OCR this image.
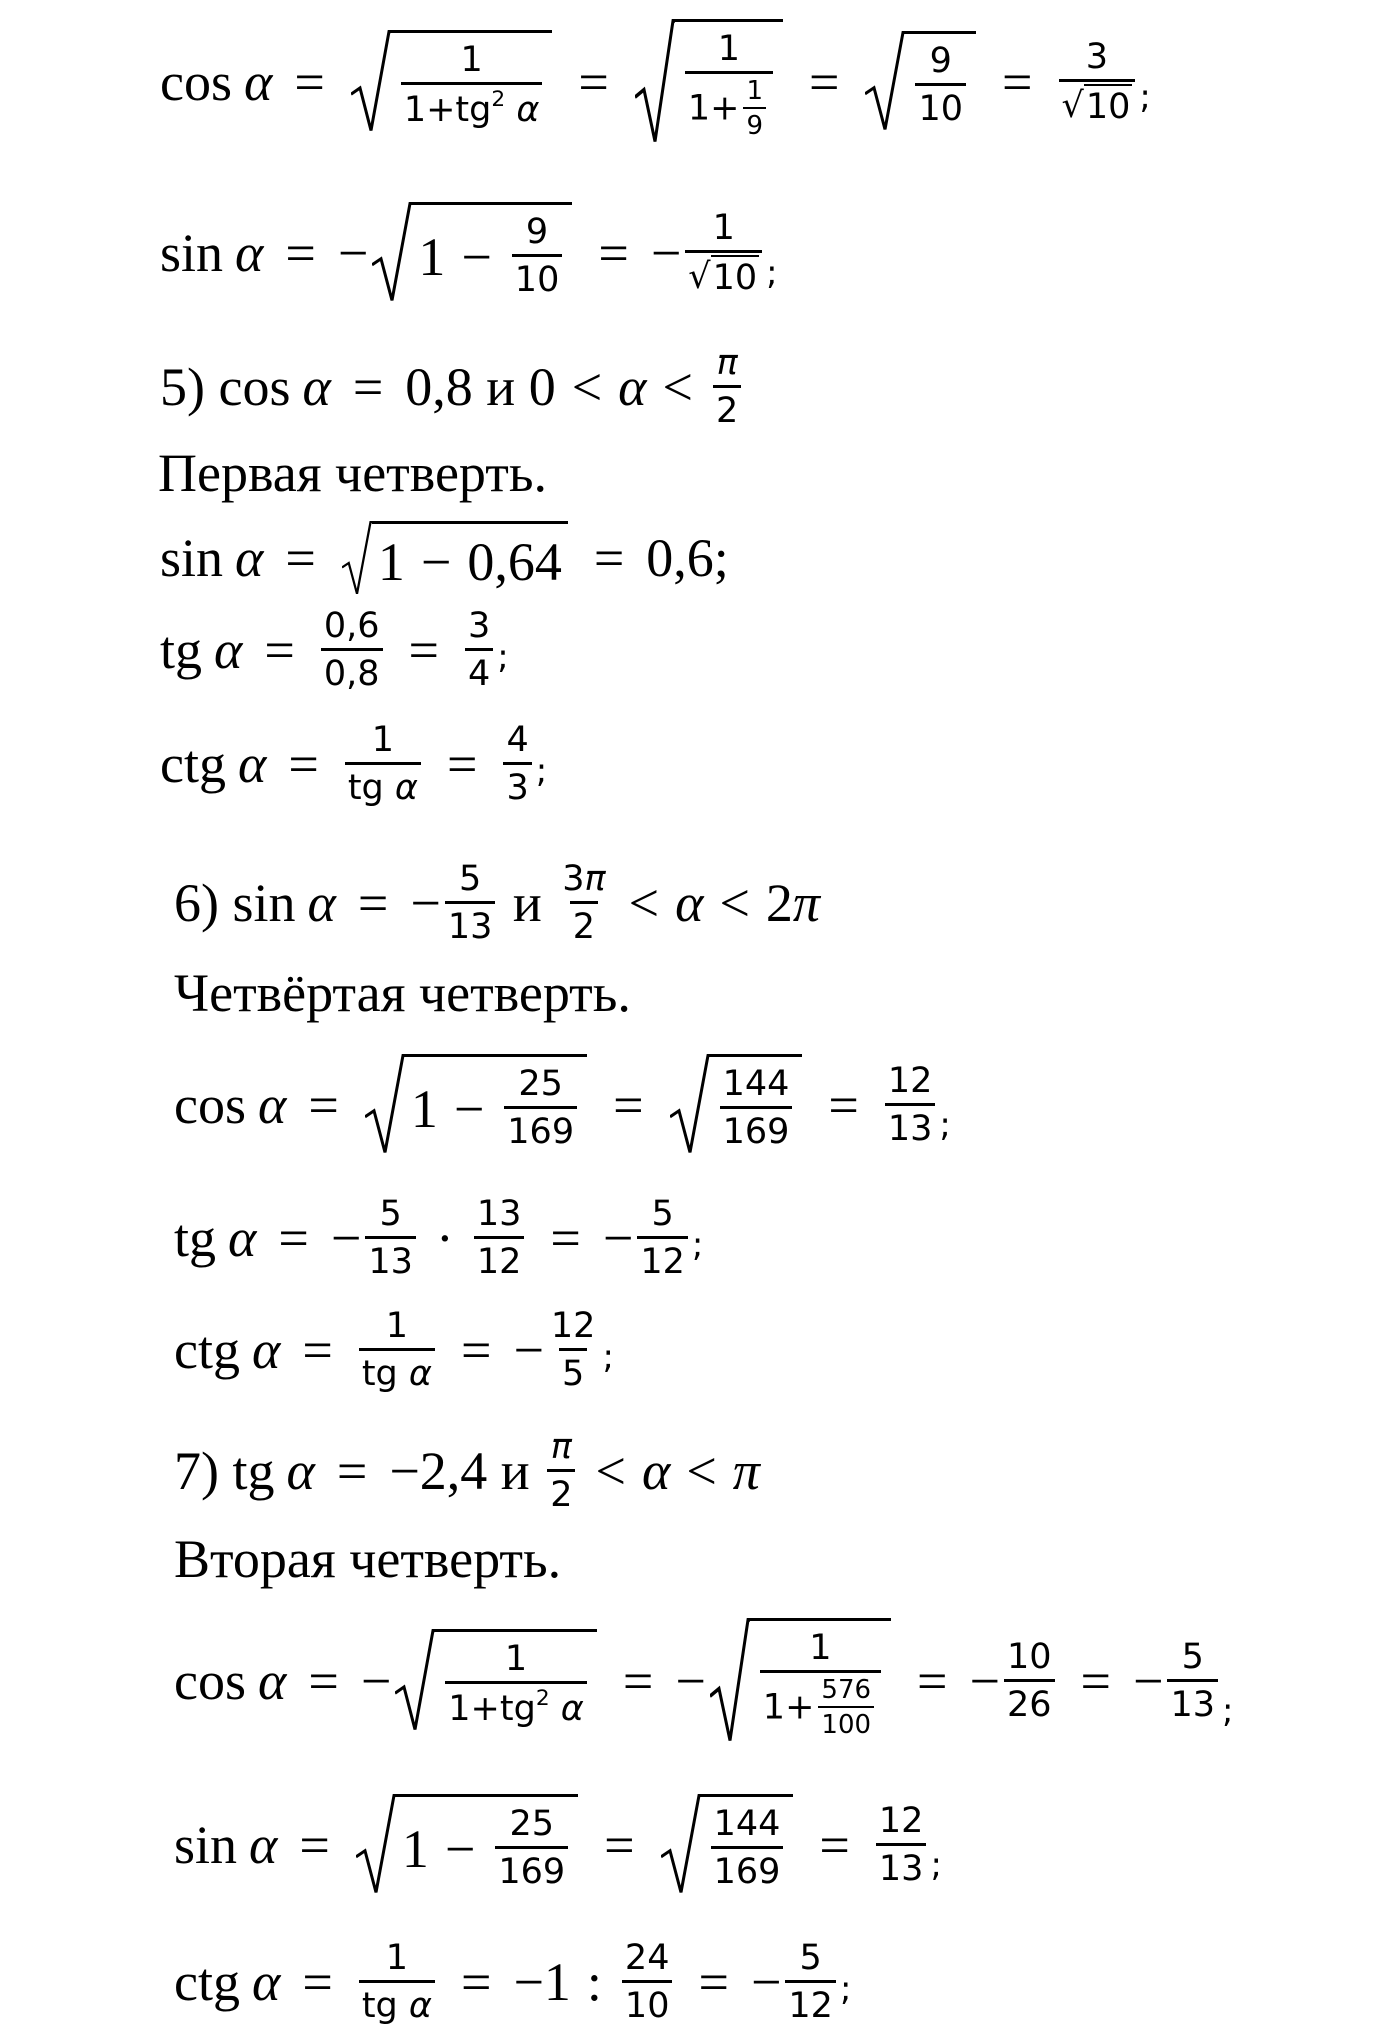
$\cos \alpha = \frac{1}{1+tg^2 \alpha} = \frac{1}{1+ \frac{1}{9}} = \frac{9}{10} = \frac{3}{√ 10}$ ;
sin α = − $1 - \frac{9}{10}$ = − $\frac{1}{√ 10}$ ;
5)
cos α = 0,8
и
$0 < \alpha < \frac{\pi}{2}$
Первая четверть.
sin α = 1 − 0,64 = 0,6;
tg $\alpha = \frac{0,6}{0,8} = \frac{3}{4}$ ;
ctg $\alpha = \frac{1}{\text{tg α}} = \frac{4}{3}$ ;
6)
sin α = − $\frac{5}{13}$
и
$\frac{3\pi}{2} < \alpha < 2$ π
Четвёртая четверть.
$\cos \alpha = 1 - \frac{25}{169} = \frac{144}{169} = \frac{12}{13}$ ;
tg α = − $\frac{5}{13} \cdot \frac{13}{12}$ = − $\frac{5}{12}$ ;
ctg $\alpha = \frac{1}{\text{tg α}}$ = − $\frac{12}{5}$ ;
7)
tg α = −2,4
и
$\frac{\pi}{2} < \alpha < \pi$
Вторая четверть.
cos α = − $\frac{1}{1+tg^2 \alpha}$ = − $\frac{1}{1+ \frac{576}{100}}$ = − $\frac{10}{26}$ = − $\frac{5}{13}$ ;
$\sin \alpha = 1 - \frac{25}{169} = \frac{144}{169} = \frac{12}{13}$ ;
ctg $\alpha = \frac{1}{\text{tg α}} = -1$ : $\frac{24}{10}$ = − $\frac{5}{12}$ ;
